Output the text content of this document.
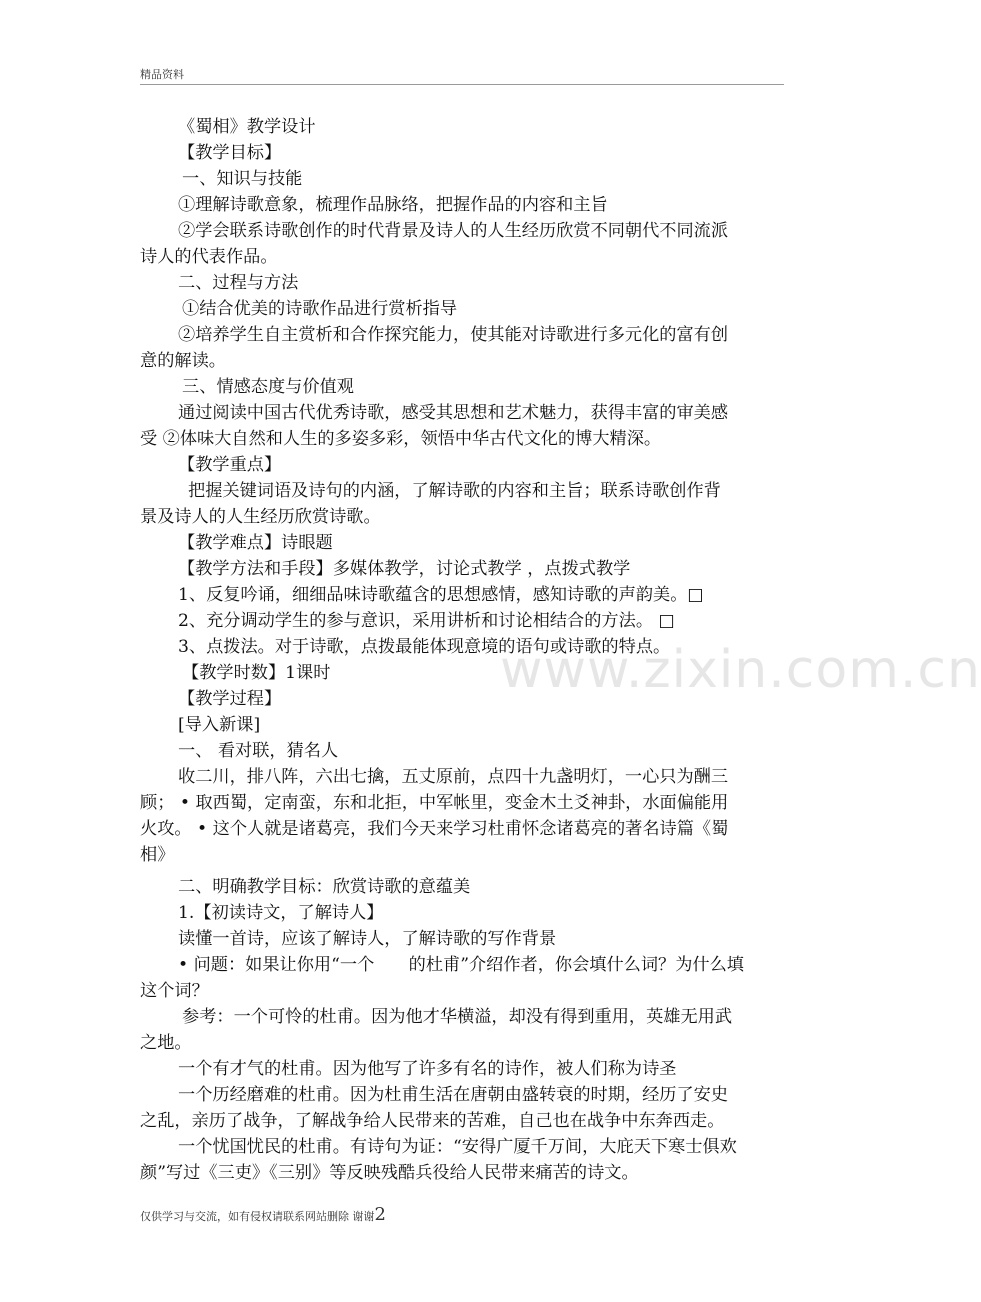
精品资料
www.zixin.com.cn
《蜀相》教学设计
【教学目标】
一、知识与技能
①理解诗歌意象，梳理作品脉络，把握作品的内容和主旨
②学会联系诗歌创作的时代背景及诗人的人生经历欣赏不同朝代不同流派
诗人的代表作品。
二、过程与方法
①结合优美的诗歌作品进行赏析指导
②培养学生自主赏析和合作探究能力，使其能对诗歌进行多元化的富有创
意的解读。
三、情感态度与价值观
通过阅读中国古代优秀诗歌，感受其思想和艺术魅力，获得丰富的审美感
受 ②体味大自然和人生的多姿多彩，领悟中华古代文化的博大精深。
【教学重点】
把握关键词语及诗句的内涵，了解诗歌的内容和主旨；联系诗歌创作背
景及诗人的人生经历欣赏诗歌。
【教学难点】诗眼题
【教学方法和手段】多媒体教学，讨论式教学 ，点拨式教学
1、反复吟诵，细细品味诗歌蕴含的思想感情，感知诗歌的声韵美。□
2、充分调动学生的参与意识，采用讲析和讨论相结合的方法。 □
3、点拨法。对于诗歌，点拨最能体现意境的语句或诗歌的特点。
【教学时数】1课时
【教学过程】
[导入新课]
一、 看对联，猜名人
收二川，排八阵，六出七擒，五丈原前，点四十九盏明灯，一心只为酬三
顾； • 取西蜀，定南蛮，东和北拒，中军帐里，变金木土爻神卦，水面偏能用
火攻。 • 这个人就是诸葛亮，我们今天来学习杜甫怀念诸葛亮的著名诗篇《蜀
相》
二、明确教学目标：欣赏诗歌的意蕴美
1.【初读诗文，了解诗人】
读懂一首诗，应该了解诗人，了解诗歌的写作背景
• 问题：如果让你用“一个　　的杜甫”介绍作者，你会填什么词？为什么填
这个词？
参考：一个可怜的杜甫。因为他才华横溢，却没有得到重用，英雄无用武
之地。
一个有才气的杜甫。因为他写了许多有名的诗作，被人们称为诗圣
一个历经磨难的杜甫。因为杜甫生活在唐朝由盛转衰的时期，经历了安史
之乱，亲历了战争，了解战争给人民带来的苦难，自己也在战争中东奔西走。
一个忧国忧民的杜甫。有诗句为证：“安得广厦千万间，大庇天下寒士俱欢
颜”写过《三吏》《三别》等反映残酷兵役给人民带来痛苦的诗文。
仅供学习与交流，如有侵权请联系网站删除 谢谢2
